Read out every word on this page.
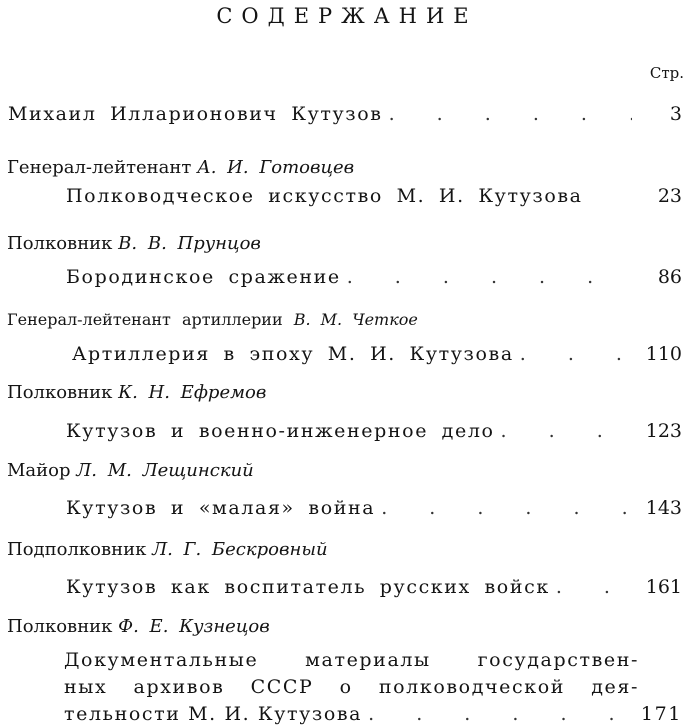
СОДЕРЖАНИЕ
Стр.
Михаил Илларионович Кутузов . . .	3
Генерал-лейтенант А. И. Готовцев
Полководческое искусство М. И. Кутузова	23
Полковник В. В. Прунцов
Бородинское сражение . . .	86
Генерал-лейтенант артиллерии В. М. Четкое
Артиллерия в эпоху М. И. Кутузова . . .	110
Полковник К. Н. Ефремов
Кутузов и военно-инженерное дело . . .	123
Майор Л. М. Лещинский
Кутузов и «малая» война . . .	143
Подполковник Л. Г. Бескровный
Кутузов как воспитатель русских войск . . .	161
Полковник Ф. Е. Кузнецов
Документальные материалы государствен-
ных архивов СССР о полководческой дея-
тельности М. И. Кутузова . . .	171
